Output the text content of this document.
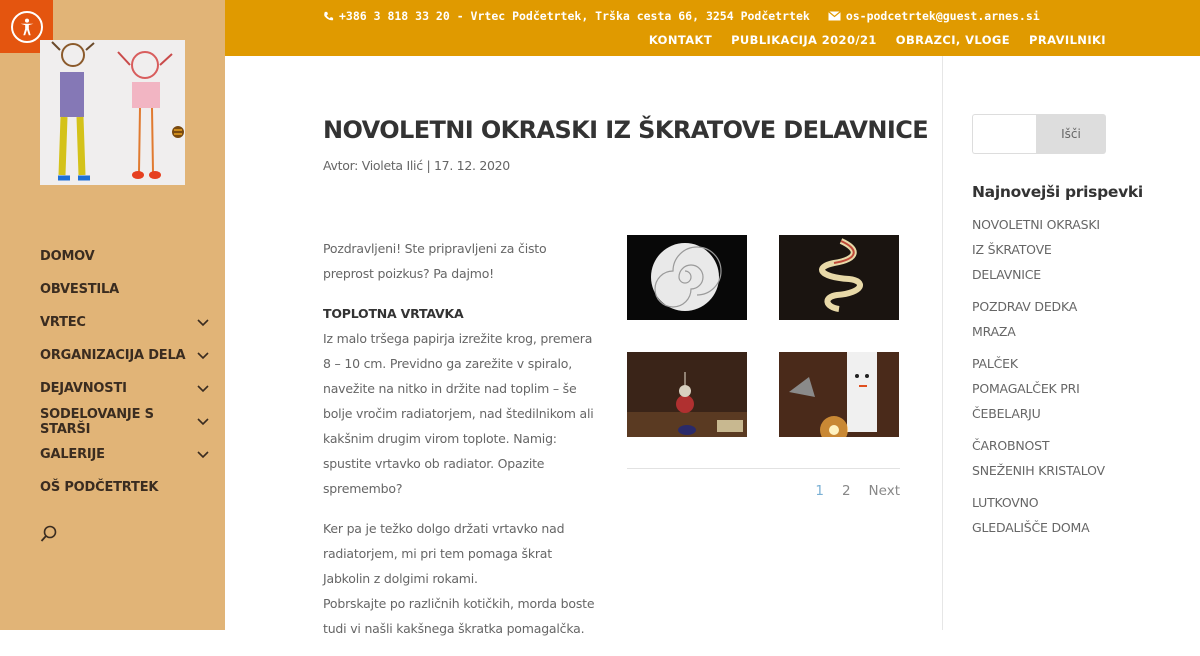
DOMOV
OBVESTILA
VRTEC
ORGANIZACIJA DELA
DEJAVNOSTI
SODELOVANJE S STARŠI
GALERIJE
OŠ PODČETRTEK
+386 3 818 33 20 - Vrtec Podčetrtek, Trška cesta 66, 3254 Podčetrtek	os-podcetrtek@guest.arnes.si
KONTAKT PUBLIKACIJA 2020/21 OBRAZCI, VLOGE PRAVILNIKI
NOVOLETNI OKRASKI IZ ŠKRATOVE DELAVNICE
Avtor: Violeta Ilić | 17. 12. 2020

Pozdravljeni! Ste pripravljeni za čisto preprost poizkus? Pa dajmo!

TOPLOTNA VRTAVKA
Iz malo tršega papirja izrežite krog, premera 8 – 10 cm. Previdno ga zarežite v spiralo, navežite na nitko in držite nad toplim – še bolje vročim radiatorjem, nad štedilnikom ali kakšnim drugim virom toplote. Namig: spustite vrtavko ob radiator. Opazite spremembo?

Ker pa je težko dolgo držati vrtavko nad radiatorjem, mi pri tem pomaga škrat Jabkolin z dolgimi rokami.
Pobrskajte po različnih kotičkih, morda boste tudi vi našli kakšnega škratka pomagalčka.

1 2 Next
Išči
Najnovejši prispevki
NOVOLETNI OKRASKI IZ ŠKRATOVE DELAVNICE
POZDRAV DEDKA MRAZA
PALČEK POMAGALČEK PRI ČEBELARJU
ČAROBNOST SNEŽENIH KRISTALOV
LUTKOVNO GLEDALIŠČE DOMA
